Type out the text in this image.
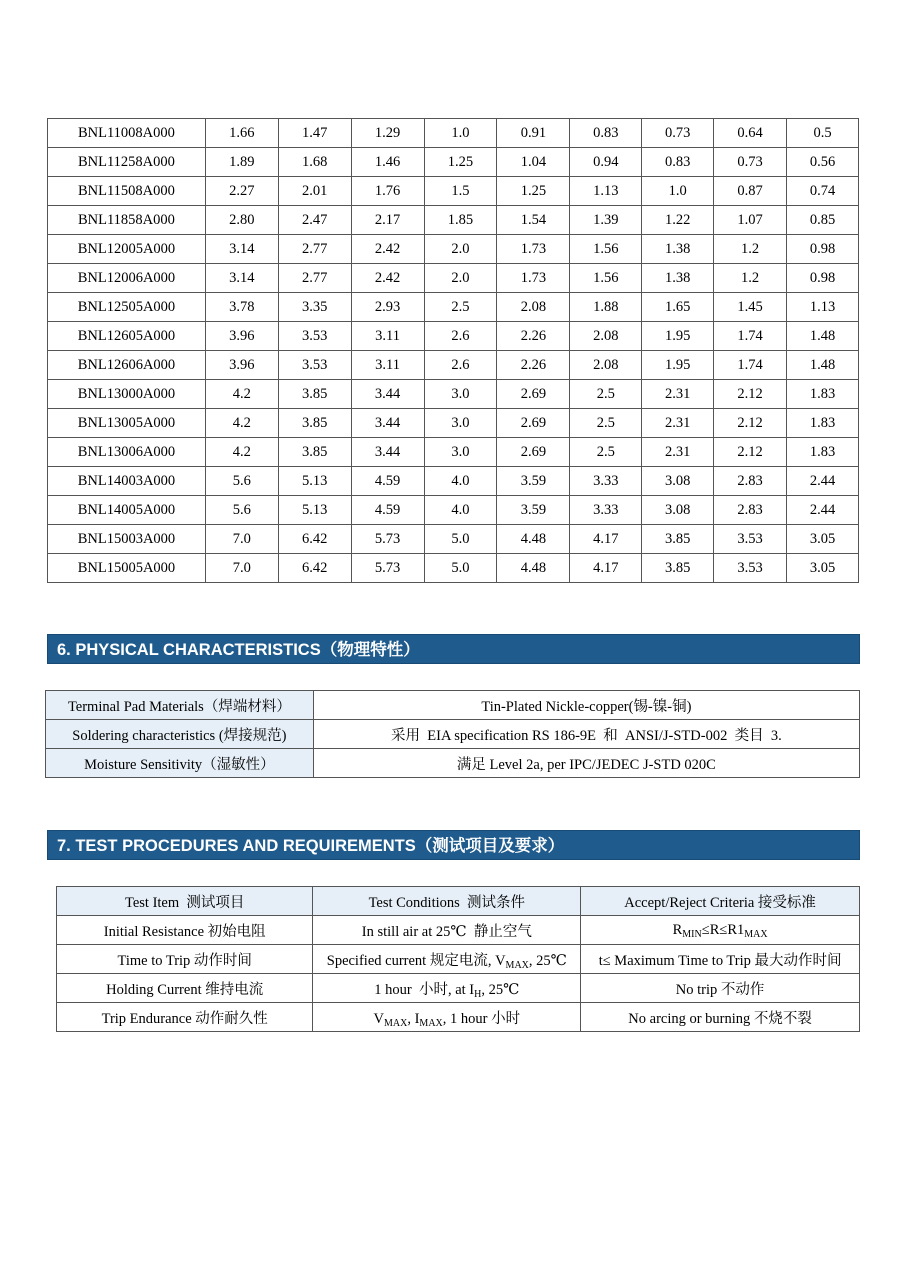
BNL11008A000	1.66	1.47	1.29	1.0	0.91	0.83	0.73	0.64	0.5
BNL11258A000	1.89	1.68	1.46	1.25	1.04	0.94	0.83	0.73	0.56
BNL11508A000	2.27	2.01	1.76	1.5	1.25	1.13	1.0	0.87	0.74
BNL11858A000	2.80	2.47	2.17	1.85	1.54	1.39	1.22	1.07	0.85
BNL12005A000	3.14	2.77	2.42	2.0	1.73	1.56	1.38	1.2	0.98
BNL12006A000	3.14	2.77	2.42	2.0	1.73	1.56	1.38	1.2	0.98
BNL12505A000	3.78	3.35	2.93	2.5	2.08	1.88	1.65	1.45	1.13
BNL12605A000	3.96	3.53	3.11	2.6	2.26	2.08	1.95	1.74	1.48
BNL12606A000	3.96	3.53	3.11	2.6	2.26	2.08	1.95	1.74	1.48
BNL13000A000	4.2	3.85	3.44	3.0	2.69	2.5	2.31	2.12	1.83
BNL13005A000	4.2	3.85	3.44	3.0	2.69	2.5	2.31	2.12	1.83
BNL13006A000	4.2	3.85	3.44	3.0	2.69	2.5	2.31	2.12	1.83
BNL14003A000	5.6	5.13	4.59	4.0	3.59	3.33	3.08	2.83	2.44
BNL14005A000	5.6	5.13	4.59	4.0	3.59	3.33	3.08	2.83	2.44
BNL15003A000	7.0	6.42	5.73	5.0	4.48	4.17	3.85	3.53	3.05
BNL15005A000	7.0	6.42	5.73	5.0	4.48	4.17	3.85	3.53	3.05
6. PHYSICAL CHARACTERISTICS（物理特性）
Terminal Pad Materials（焊端材料）	Tin-Plated Nickle-copper(锡-镍-铜)
Soldering characteristics (焊接规范)	采用  EIA specification RS 186-9E  和  ANSI/J-STD-002  类目  3.
Moisture Sensitivity（湿敏性）	满足 Level 2a, per IPC/JEDEC J-STD 020C
7. TEST PROCEDURES AND REQUIREMENTS（测试项目及要求）
Test Item  测试项目	Test Conditions  测试条件	Accept/Reject Criteria 接受标准
Initial Resistance 初始电阻	In still air at 25℃  静止空气	$R_{MIN}\le R\le R1_{MAX}$
Time to Trip 动作时间	Specified current 规定电流, $V_{MAX}$, 25℃	t≤ Maximum Time to Trip 最大动作时间
Holding Current 维持电流	1 hour  小时, at $I_H$, 25℃	No trip 不动作
Trip Endurance 动作耐久性	$V_{MAX}$, $I_{MAX}$, 1 hour 小时	No arcing or burning 不烧不裂
